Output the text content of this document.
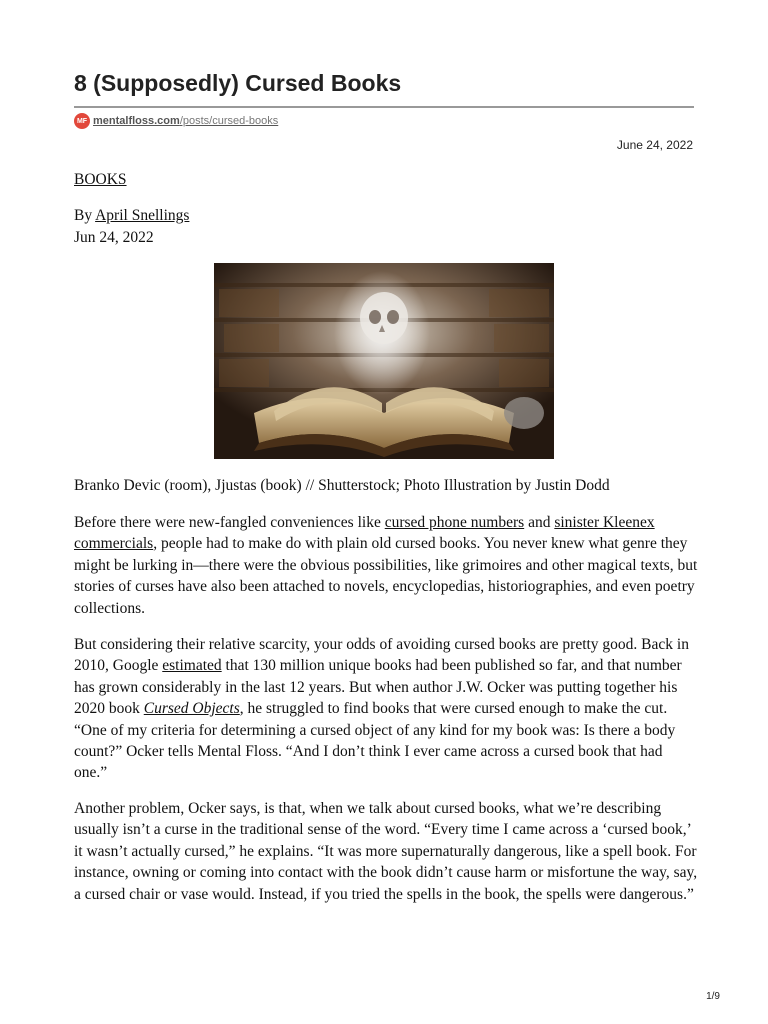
8 (Supposedly) Cursed Books
MF mentalfloss.com/posts/cursed-books
June 24, 2022
BOOKS
By April Snellings
Jun 24, 2022
Branko Devic (room), Jjustas (book) // Shutterstock; Photo Illustration by Justin Dodd

Before there were new-fangled conveniences like cursed phone numbers and sinister Kleenex commercials, people had to make do with plain old cursed books. You never knew what genre they might be lurking in—there were the obvious possibilities, like grimoires and other magical texts, but stories of curses have also been attached to novels, encyclopedias, historiographies, and even poetry collections.

But considering their relative scarcity, your odds of avoiding cursed books are pretty good. Back in 2010, Google estimated that 130 million unique books had been published so far, and that number has grown considerably in the last 12 years. But when author J.W. Ocker was putting together his 2020 book Cursed Objects, he struggled to find books that were cursed enough to make the cut. “One of my criteria for determining a cursed object of any kind for my book was: Is there a body count?” Ocker tells Mental Floss. “And I don’t think I ever came across a cursed book that had one.”

Another problem, Ocker says, is that, when we talk about cursed books, what we’re describing usually isn’t a curse in the traditional sense of the word. “Every time I came across a ‘cursed book,’ it wasn’t actually cursed,” he explains. “It was more supernaturally dangerous, like a spell book. For instance, owning or coming into contact with the book didn’t cause harm or misfortune the way, say, a cursed chair or vase would. Instead, if you tried the spells in the book, the spells were dangerous.”

1/9
